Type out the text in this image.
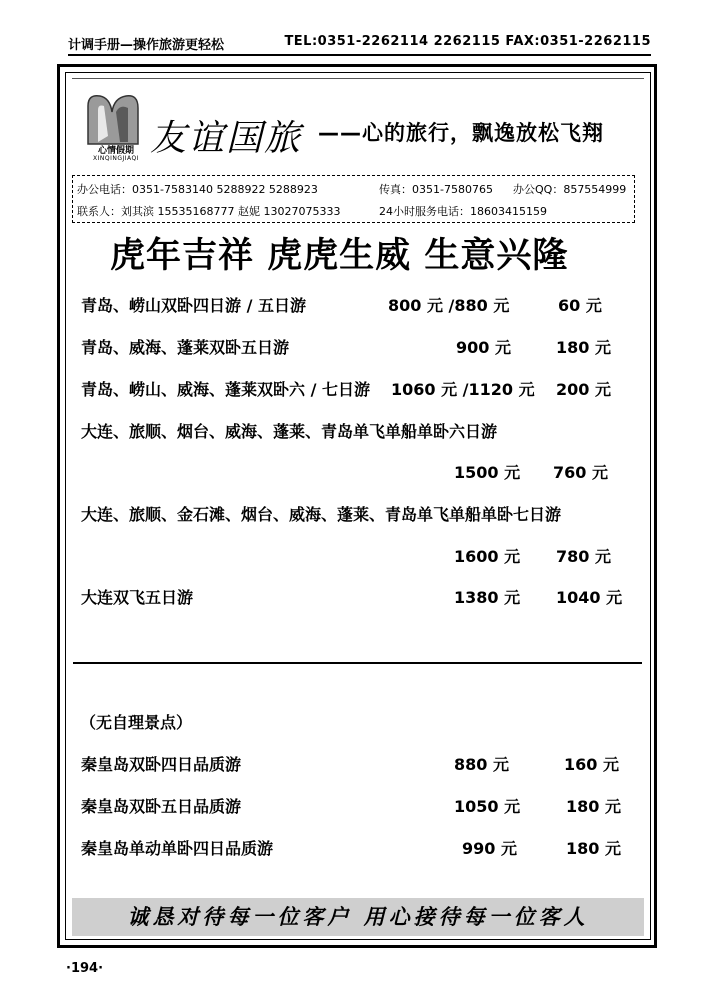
计调手册—操作旅游更轻松	TEL:0351-2262114 2262115 FAX:0351-2262115
心情假期
XINQINGJIAQI 友谊国旅 ——心的旅行，飘逸放松飞翔
办公电话：0351-7583140 5288922 5288923	传真：0351-7580765 办公QQ：857554999
联系人：刘其滨 15535168777 赵妮 13027075333	24小时服务电话：18603415159
虎年吉祥 虎虎生威 生意兴隆
青岛、崂山双卧四日游 / 五日游	800 元 /880 元	60 元
青岛、威海、蓬莱双卧五日游	900 元	180 元
青岛、崂山、威海、蓬莱双卧六 / 七日游 1060 元 /1120 元 200 元
大连、旅顺、烟台、威海、蓬莱、青岛单飞单船单卧六日游
1500 元 760 元
大连、旅顺、金石滩、烟台、威海、蓬莱、青岛单飞单船单卧七日游
1600 元 780 元
大连双飞五日游	1380 元 1040 元
（无自理景点）
秦皇岛双卧四日品质游	880 元	160 元
秦皇岛双卧五日品质游	1050 元	180 元
秦皇岛单动单卧四日品质游	990 元	180 元
诚恳对待每一位客户 用心接待每一位客人
·194·
